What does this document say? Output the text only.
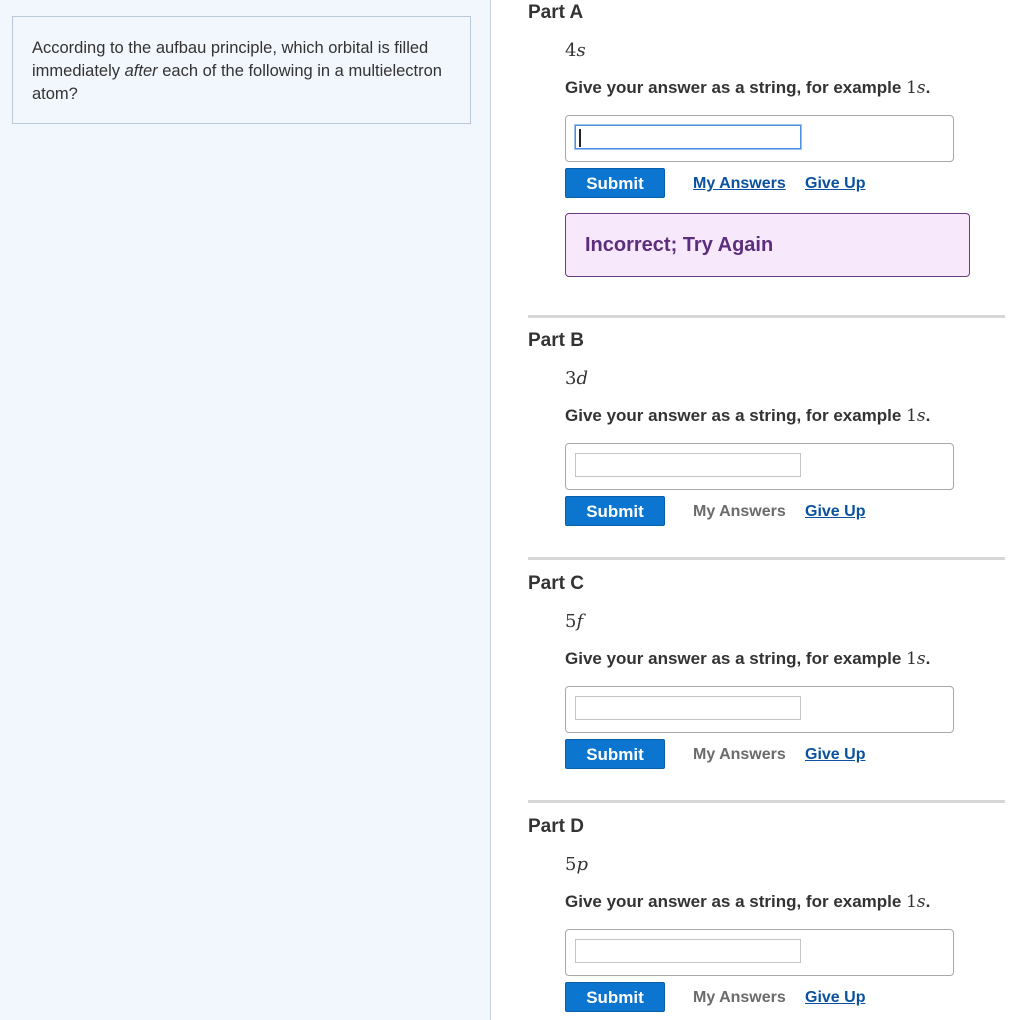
According to the aufbau principle, which orbital is filled immediately after each of the following in a multielectron atom?
Part A
4s
Give your answer as a string, for example 1s.
Submit	My Answers Give Up
Incorrect; Try Again
Part B
3d
Give your answer as a string, for example 1s.
Submit	My Answers Give Up
Part C
5f
Give your answer as a string, for example 1s.
Submit	My Answers Give Up
Part D
5p
Give your answer as a string, for example 1s.
Submit	My Answers Give Up
